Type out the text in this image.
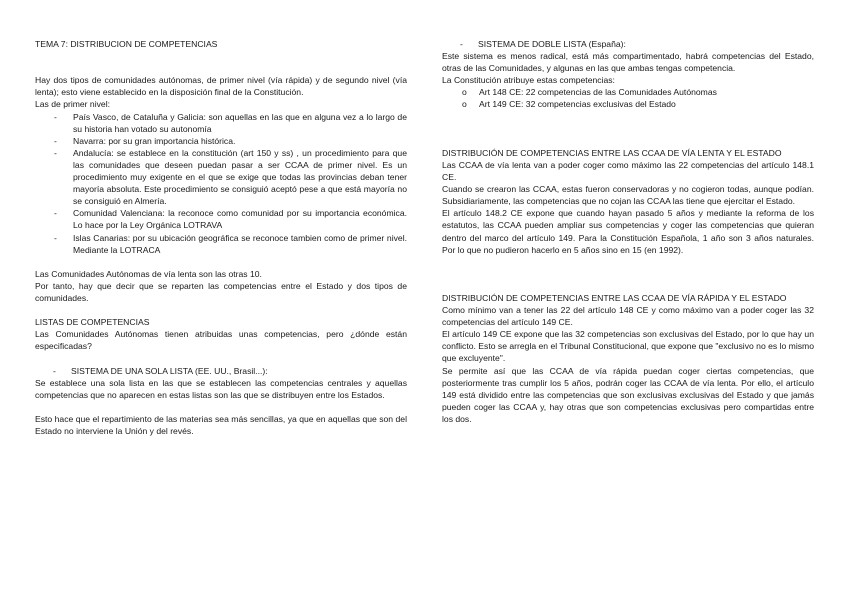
TEMA 7: DISTRIBUCION DE COMPETENCIAS

Hay dos tipos de comunidades autónomas, de primer nivel (vía rápida) y de segundo nivel (vía lenta); esto viene establecido en la disposición final de la Constitución.

Las de primer nivel:

- País Vasco, de Cataluña y Galicia: son aquellas en las que en alguna vez a lo largo de su historia han votado su autonomía
- Navarra: por su gran importancia histórica.
- Andalucía: se establece en la constitución (art 150 y ss) , un procedimiento para que las comunidades que deseen puedan pasar a ser CCAA de primer nivel. Es un procedimiento muy exigente en el que se exige que todas las provincias deban tener mayoría absoluta. Este procedimiento se consiguió aceptó pese a que está mayoría no se consiguió en Almería.
- Comunidad Valenciana: la reconoce como comunidad por su importancia económica. Lo hace por la Ley Orgánica LOTRAVA
- Islas Canarias: por su ubicación geográfica se reconoce tambien como de primer nivel. Mediante la LOTRACA

Las Comunidades Autónomas de vía lenta son las otras 10.

Por tanto, hay que decir que se reparten las competencias entre el Estado y dos tipos de comunidades.

LISTAS DE COMPETENCIAS

Las Comunidades Autónomas tienen atribuidas unas competencias, pero ¿dónde están especificadas?

- SISTEMA DE UNA SOLA LISTA (EE. UU., Brasil...):

Se establece una sola lista en las que se establecen las competencias centrales y aquellas competencias que no aparecen en estas listas son las que se distribuyen entre los Estados.

Esto hace que el repartimiento de las materias sea más sencillas, ya que en aquellas que son del Estado no interviene la Unión y del revés.

- SISTEMA DE DOBLE LISTA (España):

Este sistema es menos radical, está más compartimentado, habrá competencias del Estado, otras de las Comunidades, y algunas en las que ambas tengas competencia.

La Constitución atribuye estas competencias:

o Art 148 CE: 22 competencias de las Comunidades Autónomas
o Art 149 CE: 32 competencias exclusivas del Estado

DISTRIBUCIÓN DE COMPETENCIAS ENTRE LAS CCAA DE VÍA LENTA Y EL ESTADO

Las CCAA de vía lenta van a poder coger como máximo las 22 competencias del artículo 148.1 CE.

Cuando se crearon las CCAA, estas fueron conservadoras y no cogieron todas, aunque podían. Subsidiariamente, las competencias que no cojan las CCAA las tiene que ejercitar el Estado.

El artículo 148.2 CE expone que cuando hayan pasado 5 años y mediante la reforma de los estatutos, las CCAA pueden ampliar sus competencias y coger las competencias que quieran dentro del marco del artículo 149. Para la Constitución Española, 1 año son 3 años naturales. Por lo que no pudieron hacerlo en 5 años sino en 15 (en 1992).

DISTRIBUCIÓN DE COMPETENCIAS ENTRE LAS CCAA DE VÍA RÁPIDA Y EL ESTADO

Como mínimo van a tener las 22 del artículo 148 CE y como máximo van a poder coger las 32 competencias del artículo 149 CE.

El artículo 149 CE expone que las 32 competencias son exclusivas del Estado, por lo que hay un conflicto. Esto se arregla en el Tribunal Constitucional, que expone que "exclusivo no es lo mismo que excluyente".

Se permite así que las CCAA de vía rápida puedan coger ciertas competencias, que posteriormente tras cumplir los 5 años, podrán coger las CCAA de vía lenta. Por ello, el artículo 149 está dividido entre las competencias que son exclusivas exclusivas del Estado y que jamás pueden coger las CCAA y, hay otras que son competencias exclusivas pero compartidas entre los dos.
